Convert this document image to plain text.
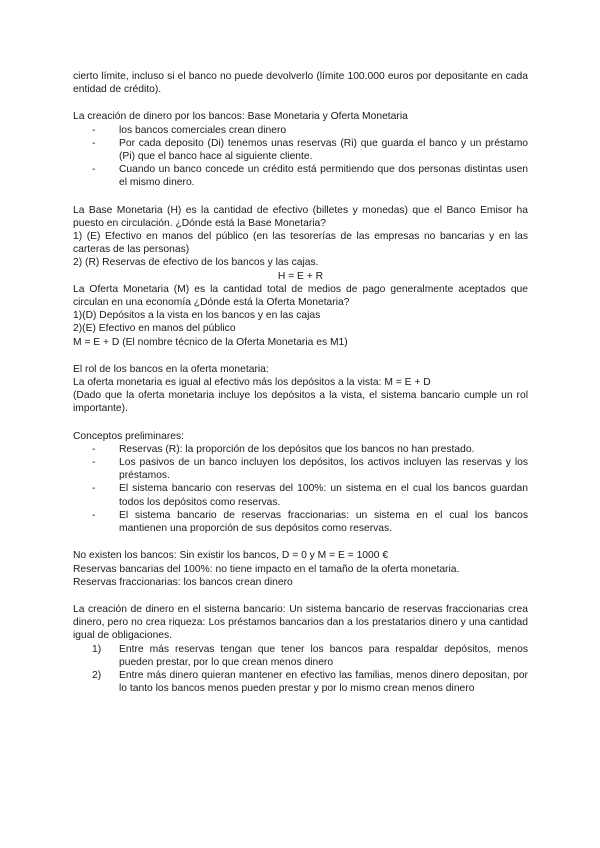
cierto límite, incluso si el banco no puede devolverlo (límite 100.000 euros por depositante en cada entidad de crédito).

La creación de dinero por los bancos: Base Monetaria y Oferta Monetaria

- los bancos comerciales crean dinero
- Por cada deposito (Di) tenemos unas reservas (Ri) que guarda el banco y un préstamo (Pi) que el banco hace al siguiente cliente.
- Cuando un banco concede un crédito está permitiendo que dos personas distintas usen el mismo dinero.

La Base Monetaria (H) es la cantidad de efectivo (billetes y monedas) que el Banco Emisor ha puesto en circulación. ¿Dónde está la Base Monetaria?

1) (E) Efectivo en manos del público (en las tesorerías de las empresas no bancarias y en las carteras de las personas)

2) (R) Reservas de efectivo de los bancos y las cajas.

H = E + R

La Oferta Monetaria (M) es la cantidad total de medios de pago generalmente aceptados que circulan en una economía ¿Dónde está la Oferta Monetaria?

1)(D) Depósitos a la vista en los bancos y en las cajas

2)(E) Efectivo en manos del público

M = E + D (El nombre técnico de la Oferta Monetaria es M1)

El rol de los bancos en la oferta monetaria:

La oferta monetaria es igual al efectivo más los depósitos a la vista: M = E + D

(Dado que la oferta monetaria incluye los depósitos a la vista, el sistema bancario cumple un rol importante).

Conceptos preliminares:

- Reservas (R): la proporción de los depósitos que los bancos no han prestado.
- Los pasivos de un banco incluyen los depósitos, los activos incluyen las reservas y los préstamos.
- El sistema bancario con reservas del 100%: un sistema en el cual los bancos guardan todos los depósitos como reservas.
- El sistema bancario de reservas fraccionarias: un sistema en el cual los bancos mantienen una proporción de sus depósitos como reservas.

No existen los bancos: Sin existir los bancos, D = 0 y M = E = 1000 €

Reservas bancarias del 100%: no tiene impacto en el tamaño de la oferta monetaria.

Reservas fraccionarias: los bancos crean dinero

La creación de dinero en el sistema bancario: Un sistema bancario de reservas fraccionarias crea dinero, pero no crea riqueza: Los préstamos bancarios dan a los prestatarios dinero y una cantidad igual de obligaciones.

1) Entre más reservas tengan que tener los bancos para respaldar depósitos, menos pueden prestar, por lo que crean menos dinero
2) Entre más dinero quieran mantener en efectivo las familias, menos dinero depositan, por lo tanto los bancos menos pueden prestar y por lo mismo crean menos dinero
